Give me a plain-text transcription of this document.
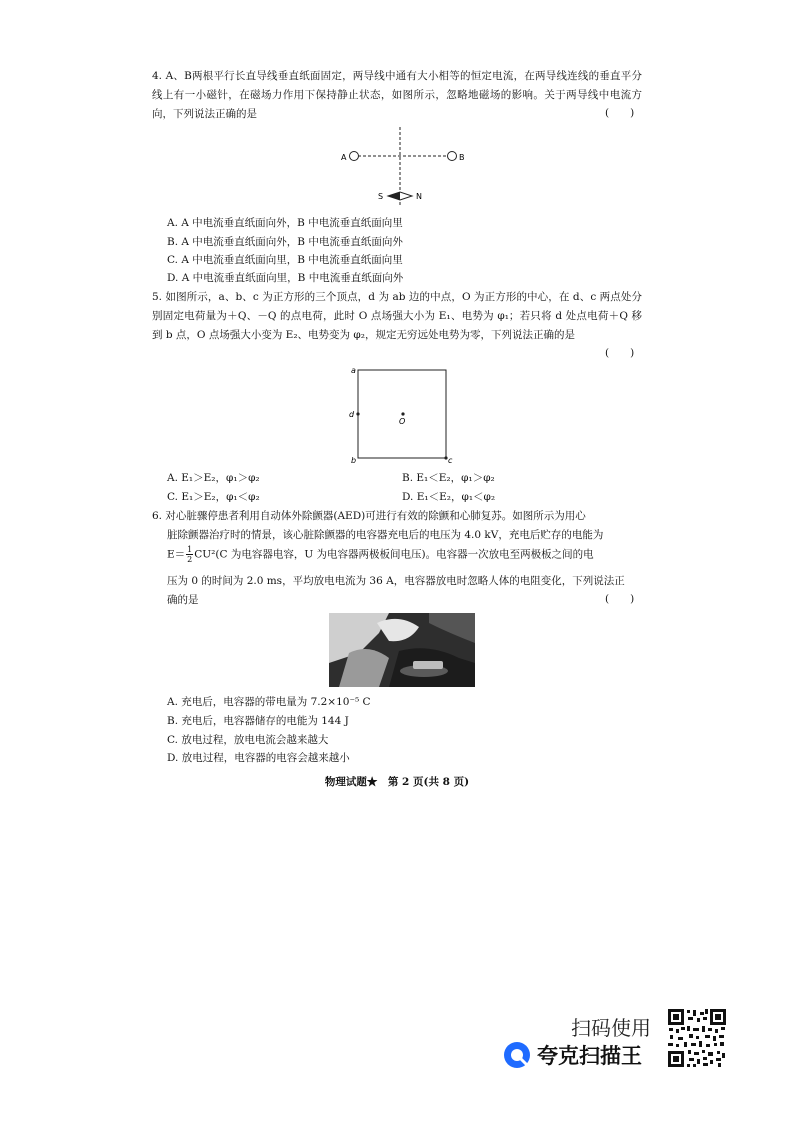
4. A、B两根平行长直导线垂直纸面固定，两导线中通有大小相等的恒定电流，在两导线连线的垂直平分线上有一小磁针，在磁场力作用下保持静止状态，如图所示，忽略地磁场的影响。关于两导线中电流方向，下列说法正确的是	(　　)
A	B
S	N
A. A 中电流垂直纸面向外，B 中电流垂直纸面向里
B. A 中电流垂直纸面向外，B 中电流垂直纸面向外
C. A 中电流垂直纸面向里，B 中电流垂直纸面向里
D. A 中电流垂直纸面向里，B 中电流垂直纸面向外
5. 如图所示，a、b、c 为正方形的三个顶点，d 为 ab 边的中点，O 为正方形的中心，在 d、c 两点处分别固定电荷量为＋Q、－Q 的点电荷，此时 O 点场强大小为 E₁、电势为 φ₁；若只将 d 处点电荷＋Q 移到 b 点，O 点场强大小变为 E₂、电势变为 φ₂，规定无穷远处电势为零，下列说法正确的是
(　　)
a
b	c
d
O
A. E₁＞E₂，φ₁＞φ₂	B. E₁＜E₂，φ₁＞φ₂
C. E₁＞E₂，φ₁＜φ₂	D. E₁＜E₂，φ₁＜φ₂
6. 对心脏骤停患者利用自动体外除颤器(AED)可进行有效的除颤和心肺复苏。如图所示为用心
脏除颤器治疗时的情景，该心脏除颤器的电容器充电后的电压为 4.0 kV，充电后贮存的电能为
$E= \frac{1}{2} CU^2(C$ 为电容器电容，U 为电容器两极板间电压)。电容器一次放电至两极板之间的电
压为 0 的时间为 2.0 ms，平均放电电流为 36 A，电容器放电时忽略人体的电阻变化，下列说法正
确的是	(　　)
A. 充电后，电容器的带电量为 7.2×10⁻⁵ C
B. 充电后，电容器储存的电能为 144 J
C. 放电过程，放电电流会越来越大
D. 放电过程，电容器的电容会越来越小
物理试题★　第 2 页(共 8 页)
扫码使用
夸克扫描王
